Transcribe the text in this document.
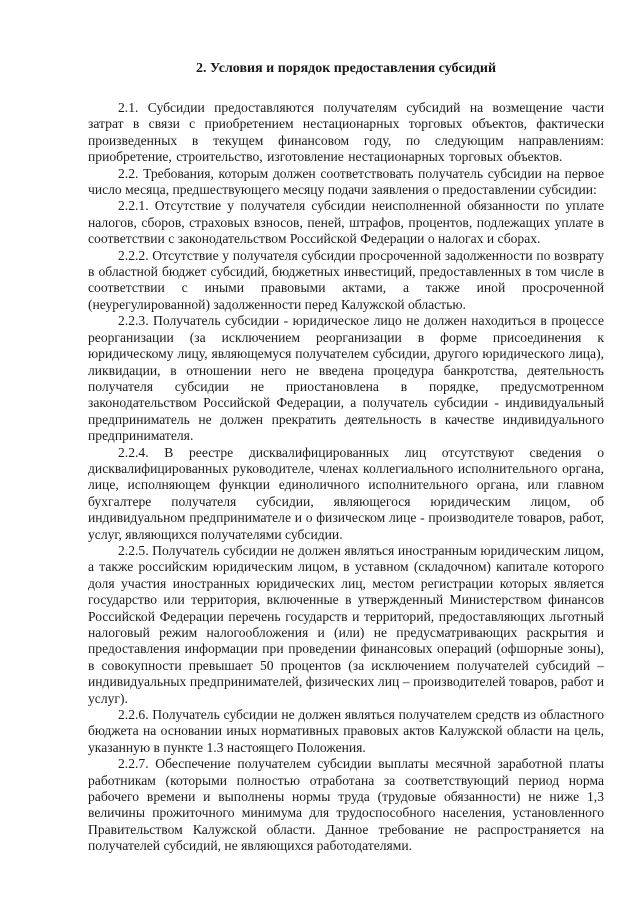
2. Условия и порядок предоставления субсидий

2.1. Субсидии предоставляются получателям субсидий на возмещение части затрат в связи с приобретением нестационарных торговых объектов, фактически произведенных в текущем финансовом году, по следующим направлениям: приобретение, строительство, изготовление нестационарных торговых объектов.

2.2. Требования, которым должен соответствовать получатель субсидии на первое число месяца, предшествующего месяцу подачи заявления о предоставлении субсидии:

2.2.1. Отсутствие у получателя субсидии неисполненной обязанности по уплате налогов, сборов, страховых взносов, пеней, штрафов, процентов, подлежащих уплате в соответствии с законодательством Российской Федерации о налогах и сборах.

2.2.2. Отсутствие у получателя субсидии просроченной задолженности по возврату в областной бюджет субсидий, бюджетных инвестиций, предоставленных в том числе в соответствии с иными правовыми актами, а также иной просроченной (неурегулированной) задолженности перед Калужской областью.

2.2.3. Получатель субсидии - юридическое лицо не должен находиться в процессе реорганизации (за исключением реорганизации в форме присоединения к юридическому лицу, являющемуся получателем субсидии, другого юридического лица), ликвидации, в отношении него не введена процедура банкротства, деятельность получателя субсидии не приостановлена в порядке, предусмотренном законодательством Российской Федерации, а получатель субсидии - индивидуальный предприниматель не должен прекратить деятельность в качестве индивидуального предпринимателя.

2.2.4. В реестре дисквалифицированных лиц отсутствуют сведения о дисквалифицированных руководителе, членах коллегиального исполнительного органа, лице, исполняющем функции единоличного исполнительного органа, или главном бухгалтере получателя субсидии, являющегося юридическим лицом, об индивидуальном предпринимателе и о физическом лице - производителе товаров, работ, услуг, являющихся получателями субсидии.

2.2.5. Получатель субсидии не должен являться иностранным юридическим лицом, а также российским юридическим лицом, в уставном (складочном) капитале которого доля участия иностранных юридических лиц, местом регистрации которых является государство или территория, включенные в утвержденный Министерством финансов Российской Федерации перечень государств и территорий, предоставляющих льготный налоговый режим налогообложения и (или) не предусматривающих раскрытия и предоставления информации при проведении финансовых операций (офшорные зоны), в совокупности превышает 50 процентов (за исключением получателей субсидий – индивидуальных предпринимателей, физических лиц – производителей товаров, работ и услуг).

2.2.6. Получатель субсидии не должен являться получателем средств из областного бюджета на основании иных нормативных правовых актов Калужской области на цель, указанную в пункте 1.3 настоящего Положения.

2.2.7. Обеспечение получателем субсидии выплаты месячной заработной платы работникам (которыми полностью отработана за соответствующий период норма рабочего времени и выполнены нормы труда (трудовые обязанности) не ниже 1,3 величины прожиточного минимума для трудоспособного населения, установленного Правительством Калужской области. Данное требование не распространяется на получателей субсидий, не являющихся работодателями.
